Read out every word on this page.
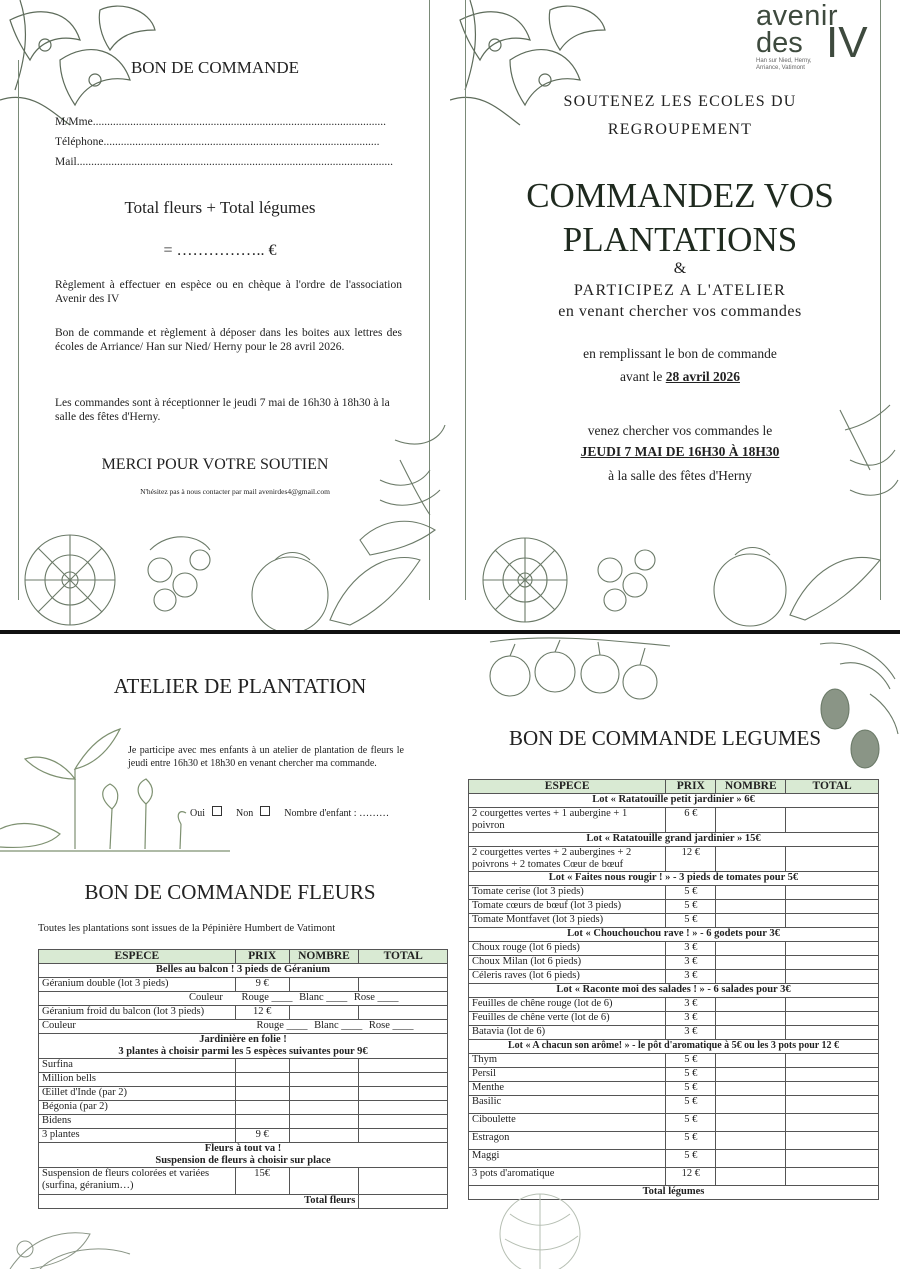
BON DE COMMANDE
M/Mme......................................................................................................
Téléphone................................................................................................
Mail..............................................................................................................
Total fleurs + Total légumes
= …………….. €
Règlement à effectuer en espèce ou en chèque à l'ordre de l'association Avenir des IV
Bon de commande et règlement à déposer dans les boites aux lettres des écoles de Arriance/ Han sur Nied/ Herny pour le 28 avril 2026.
Les commandes sont à réceptionner le jeudi 7 mai de 16h30 à 18h30 à la salle des fêtes d'Herny.
MERCI POUR VOTRE SOUTIEN
N'hésitez pas à nous contacter par mail avenirdes4@gmail.com
avenir
des IV
Han sur Nied, Herny,
Arriance, Vatimont
SOUTENEZ LES ECOLES DU
REGROUPEMENT
COMMANDEZ VOS
PLANTATIONS
&
PARTICIPEZ A L'ATELIER
en venant chercher vos commandes
en remplissant le bon de commande
avant le 28 avril 2026
venez chercher vos commandes le
JEUDI 7 MAI DE 16H30 À 18H30
à la salle des fêtes d'Herny
ATELIER DE PLANTATION
Je participe avec mes enfants à un atelier de plantation de fleurs le jeudi entre 16h30 et 18h30 en venant chercher ma commande.
Oui	Non	Nombre d'enfant : ………
BON DE COMMANDE FLEURS
Toutes les plantations sont issues de la Pépinière Humbert de Vatimont
ESPECE	PRIX	NOMBRE	TOTAL
Belles au balcon ! 3 pieds de Géranium			
Géranium double (lot 3 pieds)	9 €		
Couleur Rouge ____ Blanc ____ Rose ____			
Géranium froid du balcon (lot 3 pieds)	12 €		
Couleur Rouge ____ Blanc ____ Rose ____			

Jardinière en folie !
3 plantes à choisir parmi les 5 espèces suivantes pour 9€			

Surfina			
Million bells			
Œillet d'Inde (par 2)			
Bégonia (par 2)			
Bidens			
3 plantes	9 €		

Fleurs à tout va !
Suspension de fleurs à choisir sur place			

Suspension de fleurs colorées et variées (surfina, géranium…)	15€		
Total fleurs			
BON DE COMMANDE LEGUMES
ESPECE	PRIX	NOMBRE	TOTAL
Lot « Ratatouille petit jardinier » 6€			
2 courgettes vertes + 1 aubergine + 1 poivron	6 €		
Lot « Ratatouille grand jardinier » 15€			
2 courgettes vertes + 2 aubergines + 2 poivrons + 2 tomates Cœur de bœuf	12 €		
Lot « Faites nous rougir ! » - 3 pieds de tomates pour 5€			
Tomate cerise (lot 3 pieds)	5 €		
Tomate cœurs de bœuf (lot 3 pieds)	5 €		
Tomate Montfavet (lot 3 pieds)	5 €		
Lot « Chouchouchou rave ! » - 6 godets pour 3€			
Choux rouge (lot 6 pieds)	3 €		
Choux Milan (lot 6 pieds)	3 €		
Céleris raves (lot 6 pieds)	3 €		
Lot « Raconte moi des salades ! » - 6 salades pour 3€			
Feuilles de chêne rouge (lot de 6)	3 €		
Feuilles de chêne verte (lot de 6)	3 €		
Batavia (lot de 6)	3 €		
Lot « A chacun son arôme! » - le pôt d'aromatique à 5€ ou les 3 pots pour 12 €			
Thym	5 €		
Persil	5 €		
Menthe	5 €		
Basilic	5 €		
Ciboulette	5 €		
Estragon	5 €		
Maggi	5 €		
3 pots d'aromatique	12 €		
Total légumes			
